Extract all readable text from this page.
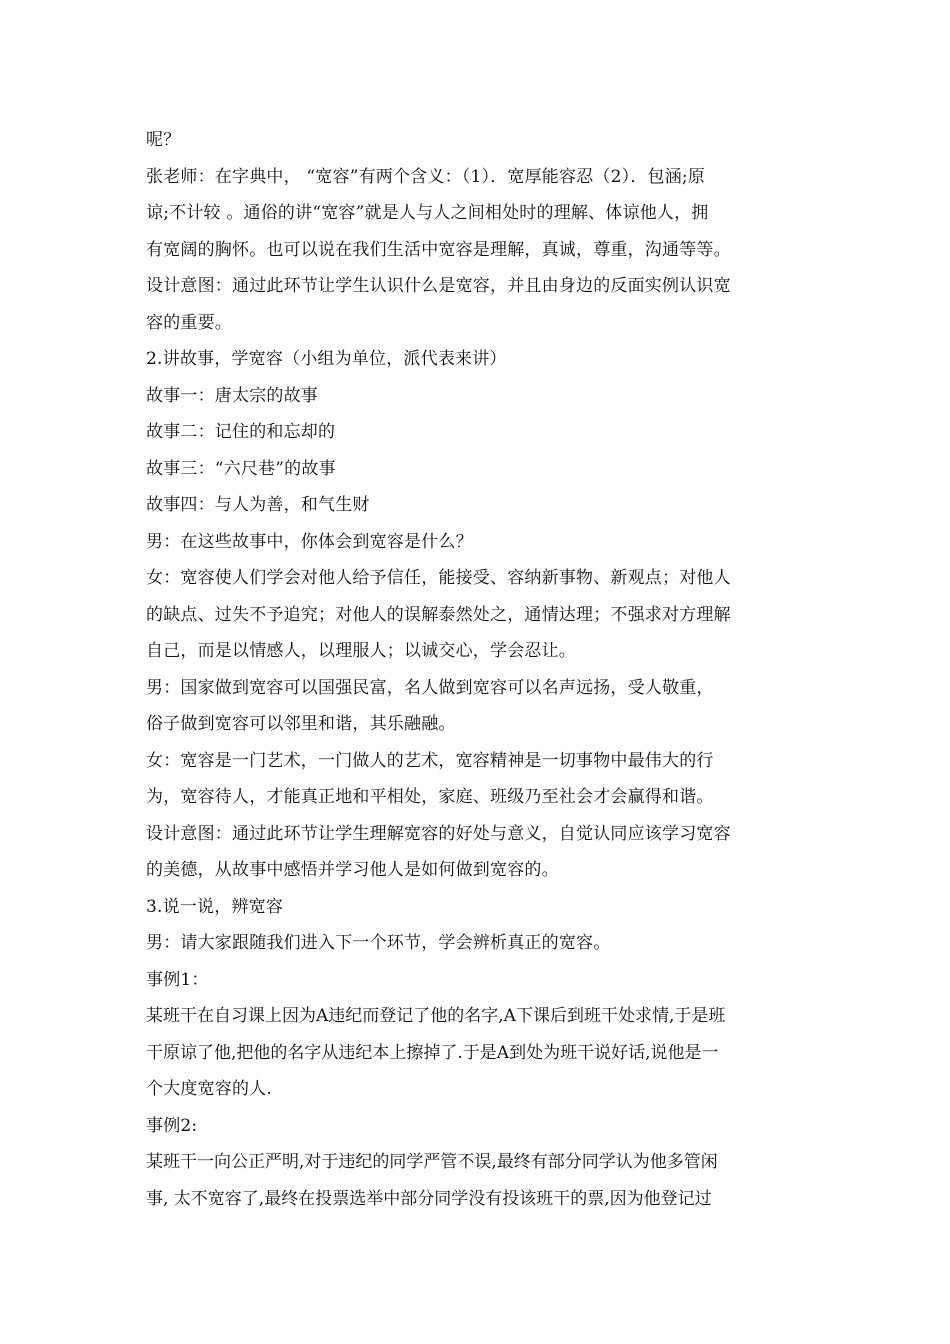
呢？
张老师：在字典中， “宽容”有两个含义：（1）．宽厚能容忍（2）．包涵;原
谅;不计较 。通俗的讲“宽容”就是人与人之间相处时的理解、体谅他人，拥
有宽阔的胸怀。也可以说在我们生活中宽容是理解，真诚，尊重，沟通等等。
设计意图：通过此环节让学生认识什么是宽容，并且由身边的反面实例认识宽
容的重要。
2.讲故事，学宽容（小组为单位，派代表来讲）
故事一：唐太宗的故事
故事二：记住的和忘却的
故事三：“六尺巷”的故事
故事四：与人为善，和气生财
男：在这些故事中，你体会到宽容是什么？
女：宽容使人们学会对他人给予信任，能接受、容纳新事物、新观点；对他人
的缺点、过失不予追究；对他人的误解泰然处之，通情达理；不强求对方理解
自己，而是以情感人，以理服人；以诚交心，学会忍让。
男：国家做到宽容可以国强民富，名人做到宽容可以名声远扬，受人敬重，
俗子做到宽容可以邻里和谐，其乐融融。
女：宽容是一门艺术，一门做人的艺术，宽容精神是一切事物中最伟大的行
为，宽容待人，才能真正地和平相处，家庭、班级乃至社会才会赢得和谐。
设计意图：通过此环节让学生理解宽容的好处与意义，自觉认同应该学习宽容
的美德，从故事中感悟并学习他人是如何做到宽容的。
3.说一说，辨宽容
男：请大家跟随我们进入下一个环节，学会辨析真正的宽容。
事例1：
某班干在自习课上因为A违纪而登记了他的名字,A下课后到班干处求情,于是班
干原谅了他,把他的名字从违纪本上擦掉了.于是A到处为班干说好话,说他是一
个大度宽容的人.
事例2:
某班干一向公正严明,对于违纪的同学严管不误,最终有部分同学认为他多管闲
事, 太不宽容了,最终在投票选举中部分同学没有投该班干的票,因为他登记过
